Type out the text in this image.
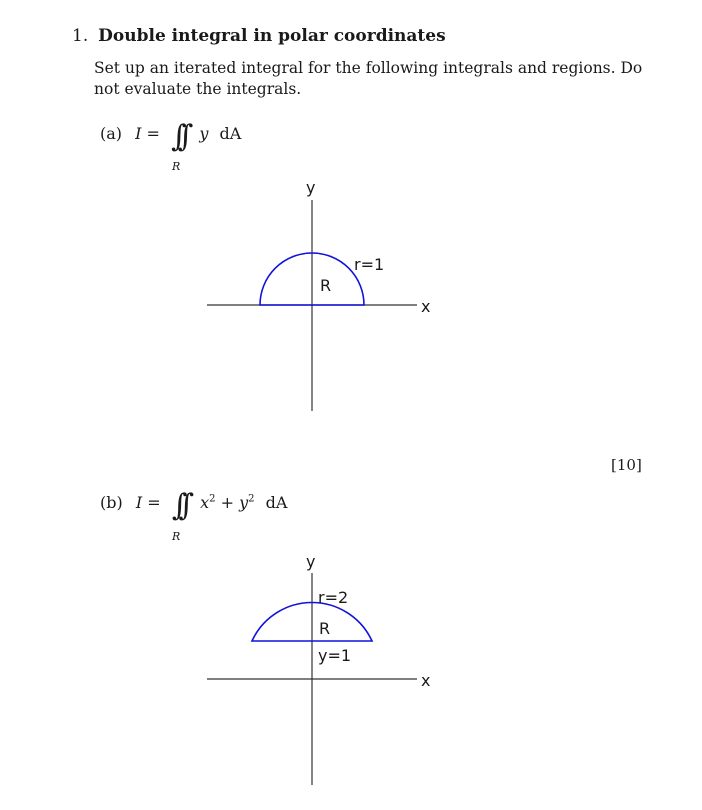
1. Double integral in polar coordinates
Set up an iterated integral for the following integrals and regions. Do not evaluate the integrals.
(a) I = ∫∫ y dA
R
y
x
R
r=1
[10]
(b) I = ∫∫ $x^2 + y^2$ dA
R
y
x
r=2
R
y=1
